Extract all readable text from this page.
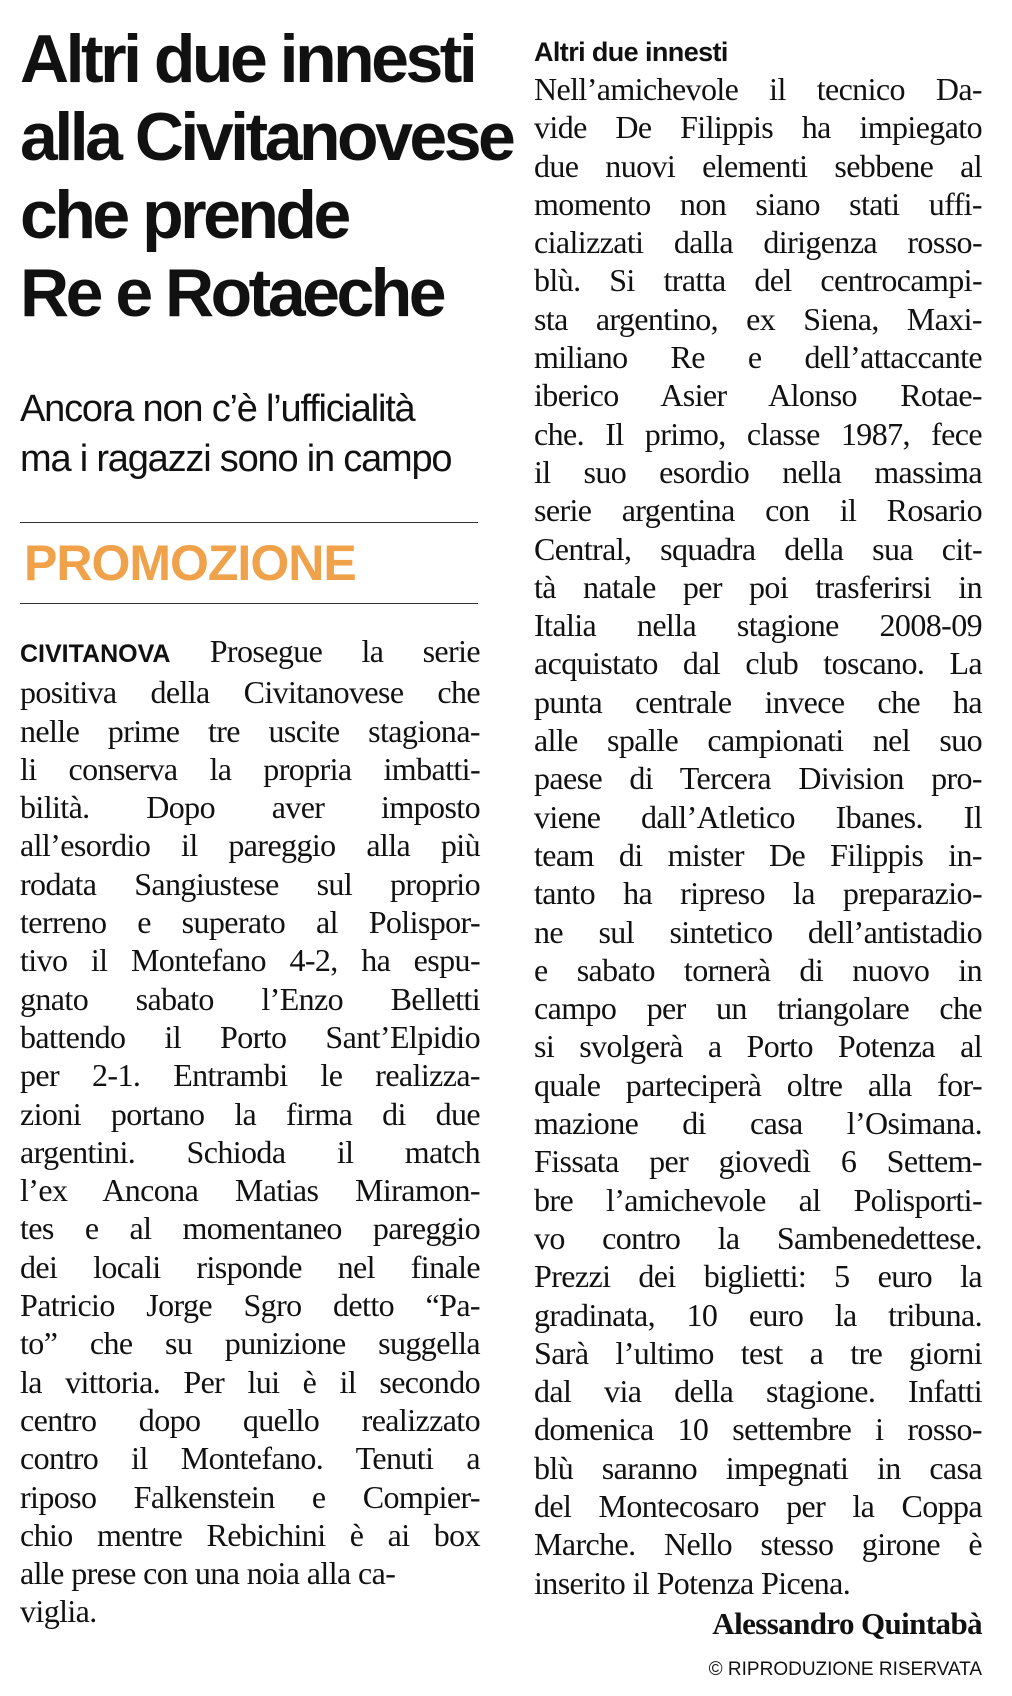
Altri due innesti
alla Civitanovese
che prende
Re e Rotaeche
Ancora non c’è l’ufficialità
ma i ragazzi sono in campo
PROMOZIONE
CIVITANOVA Prosegue la serie
positiva della Civitanovese che
nelle prime tre uscite stagiona-
li conserva la propria imbatti-
bilità. Dopo aver imposto
all’esordio il pareggio alla più
rodata Sangiustese sul proprio
terreno e superato al Polispor-
tivo il Montefano 4-2, ha espu-
gnato sabato l’Enzo Belletti
battendo il Porto Sant’Elpidio
per 2-1. Entrambi le realizza-
zioni portano la firma di due
argentini. Schioda il match
l’ex Ancona Matias Miramon-
tes e al momentaneo pareggio
dei locali risponde nel finale
Patricio Jorge Sgro detto “Pa-
to” che su punizione suggella
la vittoria. Per lui è il secondo
centro dopo quello realizzato
contro il Montefano. Tenuti a
riposo Falkenstein e Compier-
chio mentre Rebichini è ai box
alle prese con una noia alla ca-
viglia.
Altri due innesti
Nell’amichevole il tecnico Da-
vide De Filippis ha impiegato
due nuovi elementi sebbene al
momento non siano stati uffi-
cializzati dalla dirigenza rosso-
blù. Si tratta del centrocampi-
sta argentino, ex Siena, Maxi-
miliano Re e dell’attaccante
iberico Asier Alonso Rotae-
che. Il primo, classe 1987, fece
il suo esordio nella massima
serie argentina con il Rosario
Central, squadra della sua cit-
tà natale per poi trasferirsi in
Italia nella stagione 2008-09
acquistato dal club toscano. La
punta centrale invece che ha
alle spalle campionati nel suo
paese di Tercera Division pro-
viene dall’Atletico Ibanes. Il
team di mister De Filippis in-
tanto ha ripreso la preparazio-
ne sul sintetico dell’antistadio
e sabato tornerà di nuovo in
campo per un triangolare che
si svolgerà a Porto Potenza al
quale parteciperà oltre alla for-
mazione di casa l’Osimana.
Fissata per giovedì 6 Settem-
bre l’amichevole al Polisporti-
vo contro la Sambenedettese.
Prezzi dei biglietti: 5 euro la
gradinata, 10 euro la tribuna.
Sarà l’ultimo test a tre giorni
dal via della stagione. Infatti
domenica 10 settembre i rosso-
blù saranno impegnati in casa
del Montecosaro per la Coppa
Marche. Nello stesso girone è
inserito il Potenza Picena.
Alessandro Quintabà
© RIPRODUZIONE RISERVATA
